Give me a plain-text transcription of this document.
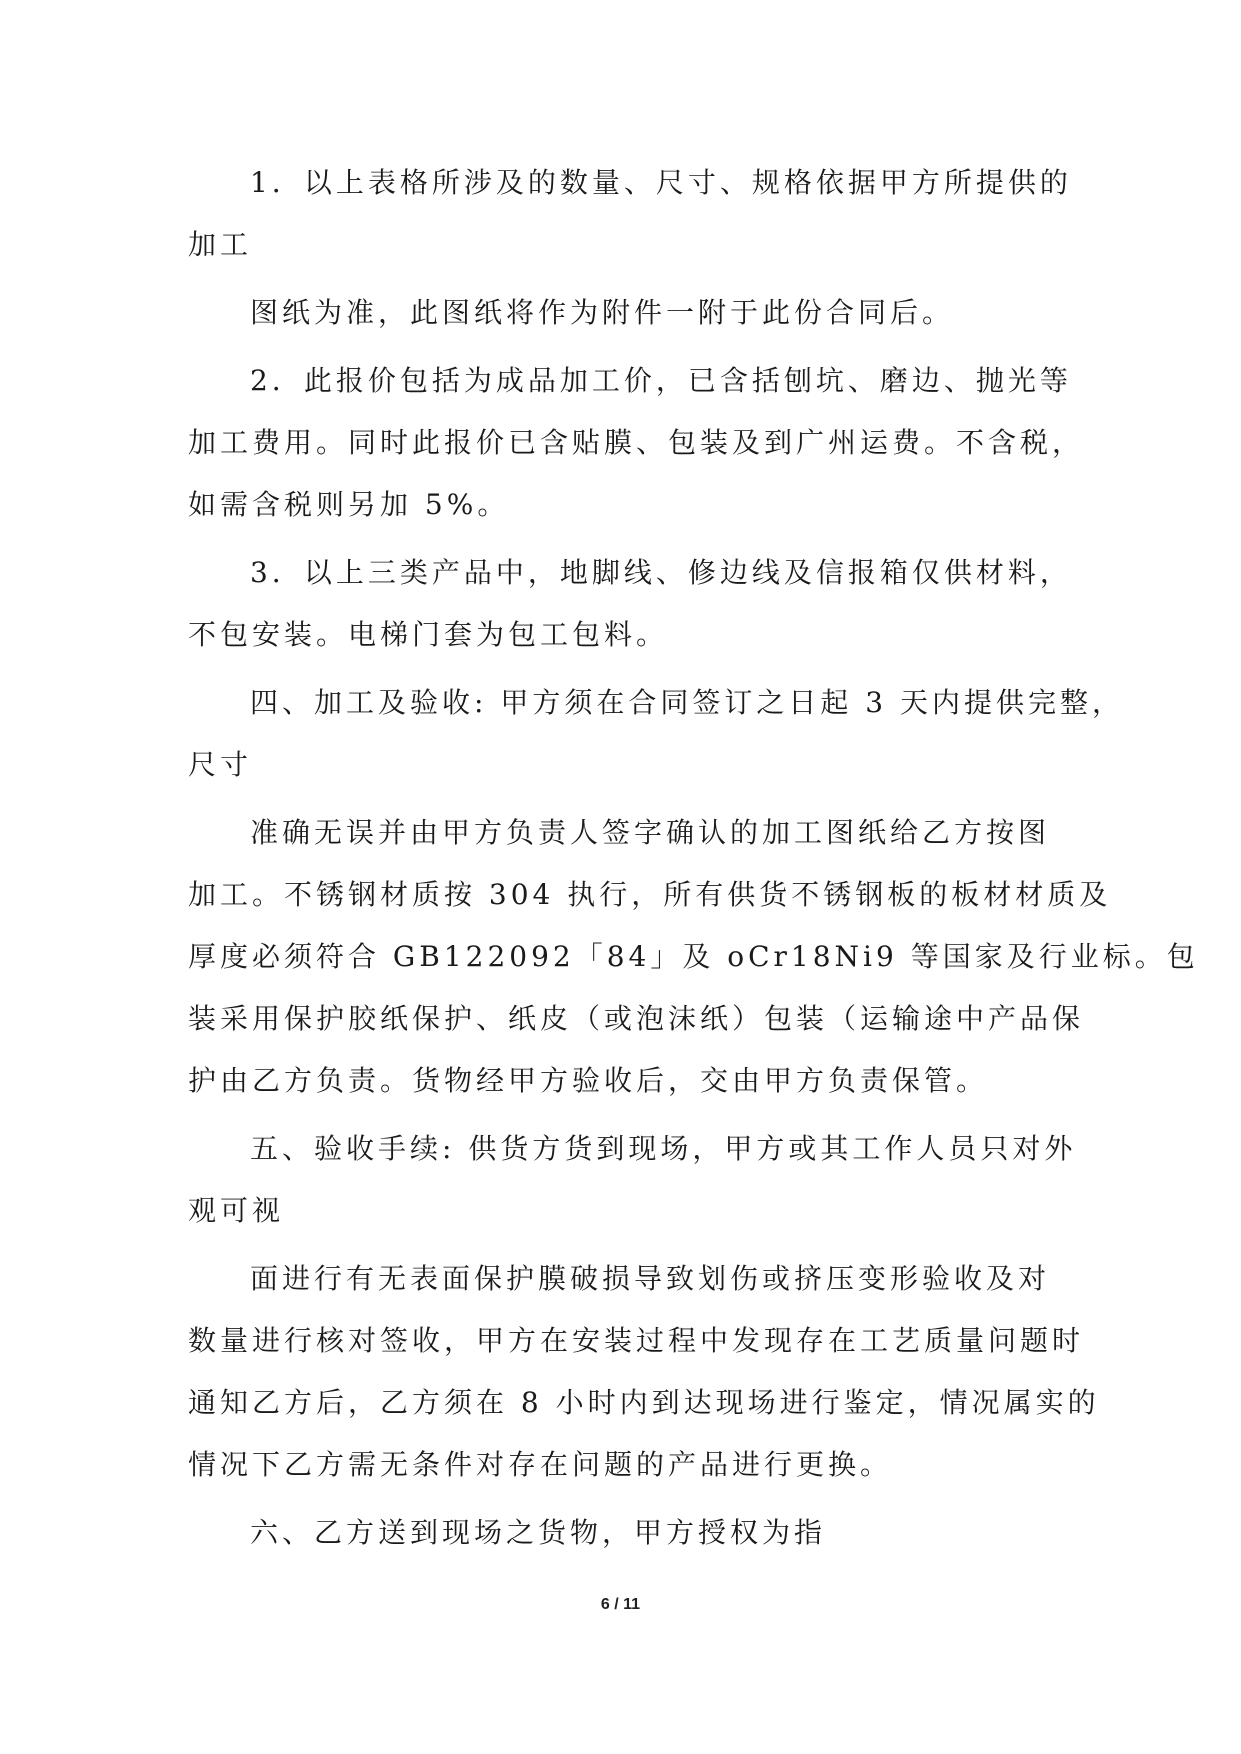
1．以上表格所涉及的数量、尺寸、规格依据甲方所提供的
加工
图纸为准，此图纸将作为附件一附于此份合同后。
2．此报价包括为成品加工价，已含括刨坑、磨边、抛光等
加工费用。同时此报价已含贴膜、包装及到广州运费。不含税，
如需含税则另加 5%。
3．以上三类产品中，地脚线、修边线及信报箱仅供材料，
不包安装。电梯门套为包工包料。
四、加工及验收: 甲方须在合同签订之日起 3 天内提供完整，
尺寸
准确无误并由甲方负责人签字确认的加工图纸给乙方按图
加工。不锈钢材质按 304 执行，所有供货不锈钢板的板材材质及
厚度必须符合 GB122092「84」及 oCr18Ni9 等国家及行业标。包
装采用保护胶纸保护、纸皮（或泡沫纸）包装（运输途中产品保
护由乙方负责。货物经甲方验收后，交由甲方负责保管。
五、验收手续: 供货方货到现场，甲方或其工作人员只对外
观可视
面进行有无表面保护膜破损导致划伤或挤压变形验收及对
数量进行核对签收，甲方在安装过程中发现存在工艺质量问题时
通知乙方后，乙方须在 8 小时内到达现场进行鉴定，情况属实的
情况下乙方需无条件对存在问题的产品进行更换。
六、乙方送到现场之货物，甲方授权为指
6 / 11
